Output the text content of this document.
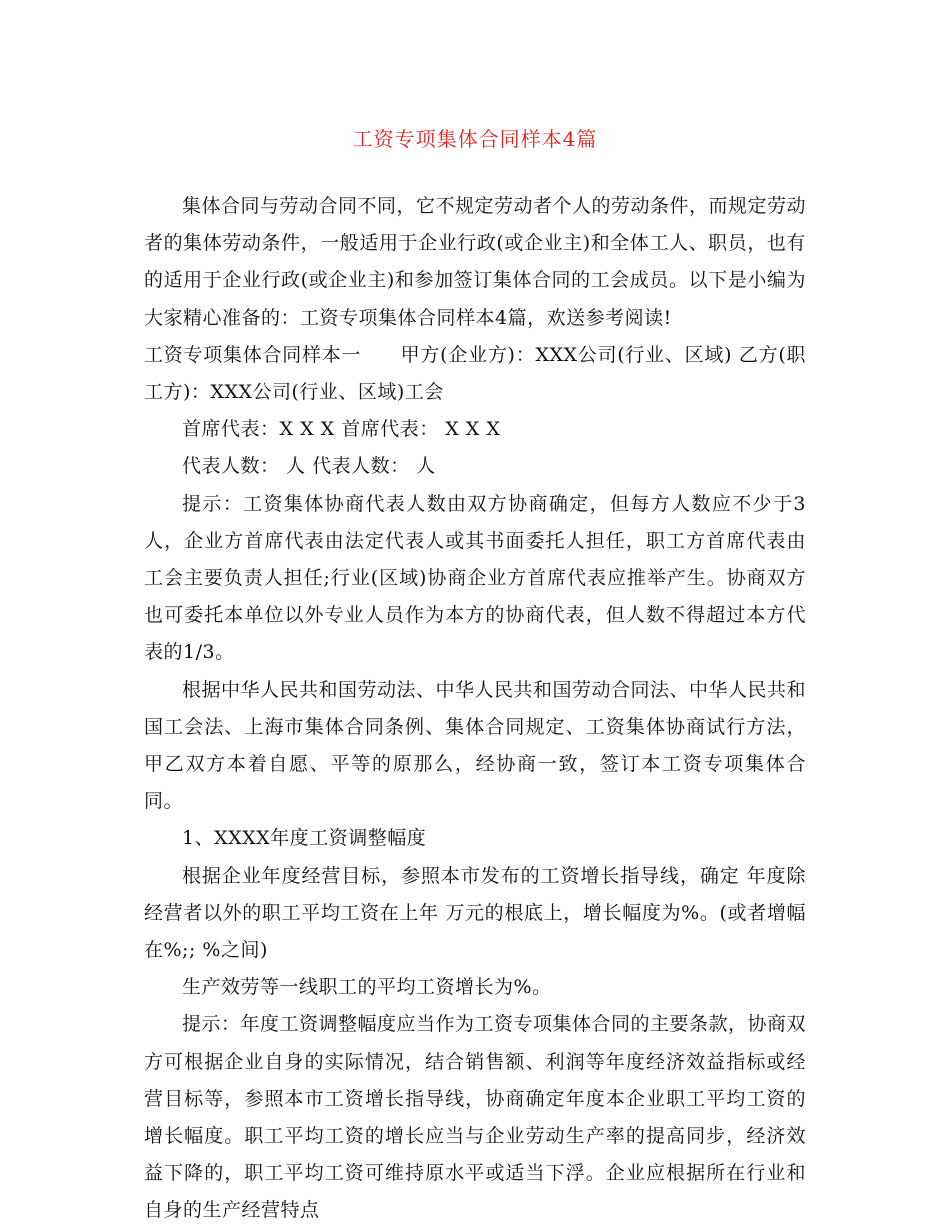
工资专项集体合同样本4篇

集体合同与劳动合同不同，它不规定劳动者个人的劳动条件，而规定劳动者的集体劳动条件，一般适用于企业行政(或企业主)和全体工人、职员，也有的适用于企业行政(或企业主)和参加签订集体合同的工会成员。以下是小编为大家精心准备的：工资专项集体合同样本4篇，欢送参考阅读!

工资专项集体合同样本一　　甲方(企业方)：XXX公司(行业、区域) 乙方(职工方)：XXX公司(行业、区域)工会

首席代表：X X X 首席代表： X X X

代表人数： 人 代表人数： 人

提示：工资集体协商代表人数由双方协商确定，但每方人数应不少于3人，企业方首席代表由法定代表人或其书面委托人担任，职工方首席代表由工会主要负责人担任;行业(区域)协商企业方首席代表应推举产生。协商双方也可委托本单位以外专业人员作为本方的协商代表，但人数不得超过本方代表的1/3。

根据中华人民共和国劳动法、中华人民共和国劳动合同法、中华人民共和国工会法、上海市集体合同条例、集体合同规定、工资集体协商试行方法，甲乙双方本着自愿、平等的原那么，经协商一致，签订本工资专项集体合同。

1、XXXX年度工资调整幅度

根据企业年度经营目标，参照本市发布的工资增长指导线，确定 年度除经营者以外的职工平均工资在上年 万元的根底上，增长幅度为%。(或者增幅在%;; %之间)

生产效劳等一线职工的平均工资增长为%。

提示：年度工资调整幅度应当作为工资专项集体合同的主要条款，协商双方可根据企业自身的实际情况，结合销售额、利润等年度经济效益指标或经营目标等，参照本市工资增长指导线，协商确定年度本企业职工平均工资的增长幅度。职工平均工资的增长应当与企业劳动生产率的提高同步，经济效益下降的，职工平均工资可维持原水平或适当下浮。企业应根据所在行业和自身的生产经营特点
